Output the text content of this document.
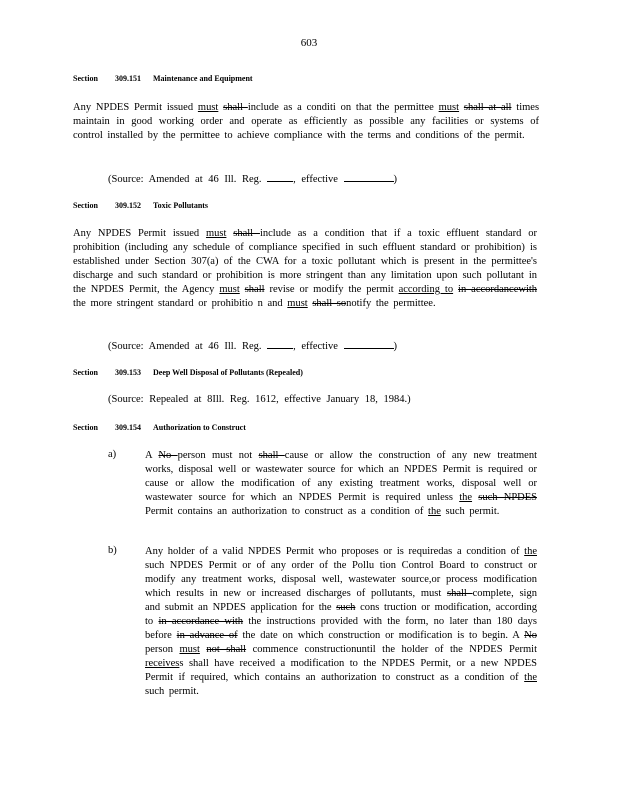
603
Section 309.151 Maintenance and Equipment
Any NPDES Permit issued must shall include as a conditi on that the permittee must shall at all times maintain in good working order and operate as efficiently as possible any facilities or systems of control installed by the permittee to achieve compliance with the terms and conditions of the permit.
(Source: Amended at 46 Ill. Reg.	, effective	)
Section 309.152 Toxic Pollutants
Any NPDES Permit issued must shall include as a condition that if a toxic effluent standard or prohibition (including any schedule of compliance specified in such effluent standard or prohibition) is established under Section 307(a) of the CWA for a toxic pollutant which is present in the permittee's discharge and such standard or prohibition is more stringent than any limitation upon such pollutant in the NPDES Permit, the Agency must shall revise or modify the permit according to in accordancewith the more stringent standard or prohibitio n and must shall sonotify the permittee.
(Source: Amended at 46 Ill. Reg.	, effective	)
Section 309.153 Deep Well Disposal of Pollutants (Repealed)
(Source: Repealed at 8Ill. Reg. 1612, effective January 18, 1984.)
Section 309.154 Authorization to Construct
a)	A No person must not shall cause or allow the construction of any new treatment works, disposal well or wastewater source for which an NPDES Permit is required or cause or allow the modification of any existing treatment works, disposal well or wastewater source for which an NPDES Permit is required unless the such NPDES Permit contains an authorization to construct as a condition of the such permit.
b)	Any holder of a valid NPDES Permit who proposes or is requiredas a condition of the such NPDES Permit or of any order of the Pollu tion Control Board to construct or modify any treatment works, disposal well, wastewater source,or process modification which results in new or increased discharges of pollutants, must shall complete, sign and submit an NPDES application for the such cons truction or modification, according to in accordance with the instructions provided with the form, no later than 180 days before in advance of the date on which construction or modification is to begin. A No person must not shall commence constructionuntil the holder of the NPDES Permit receivess shall have received a modification to the NPDES Permit, or a new NPDES Permit if required, which contains an authorization to construct as a condition of the such permit.
